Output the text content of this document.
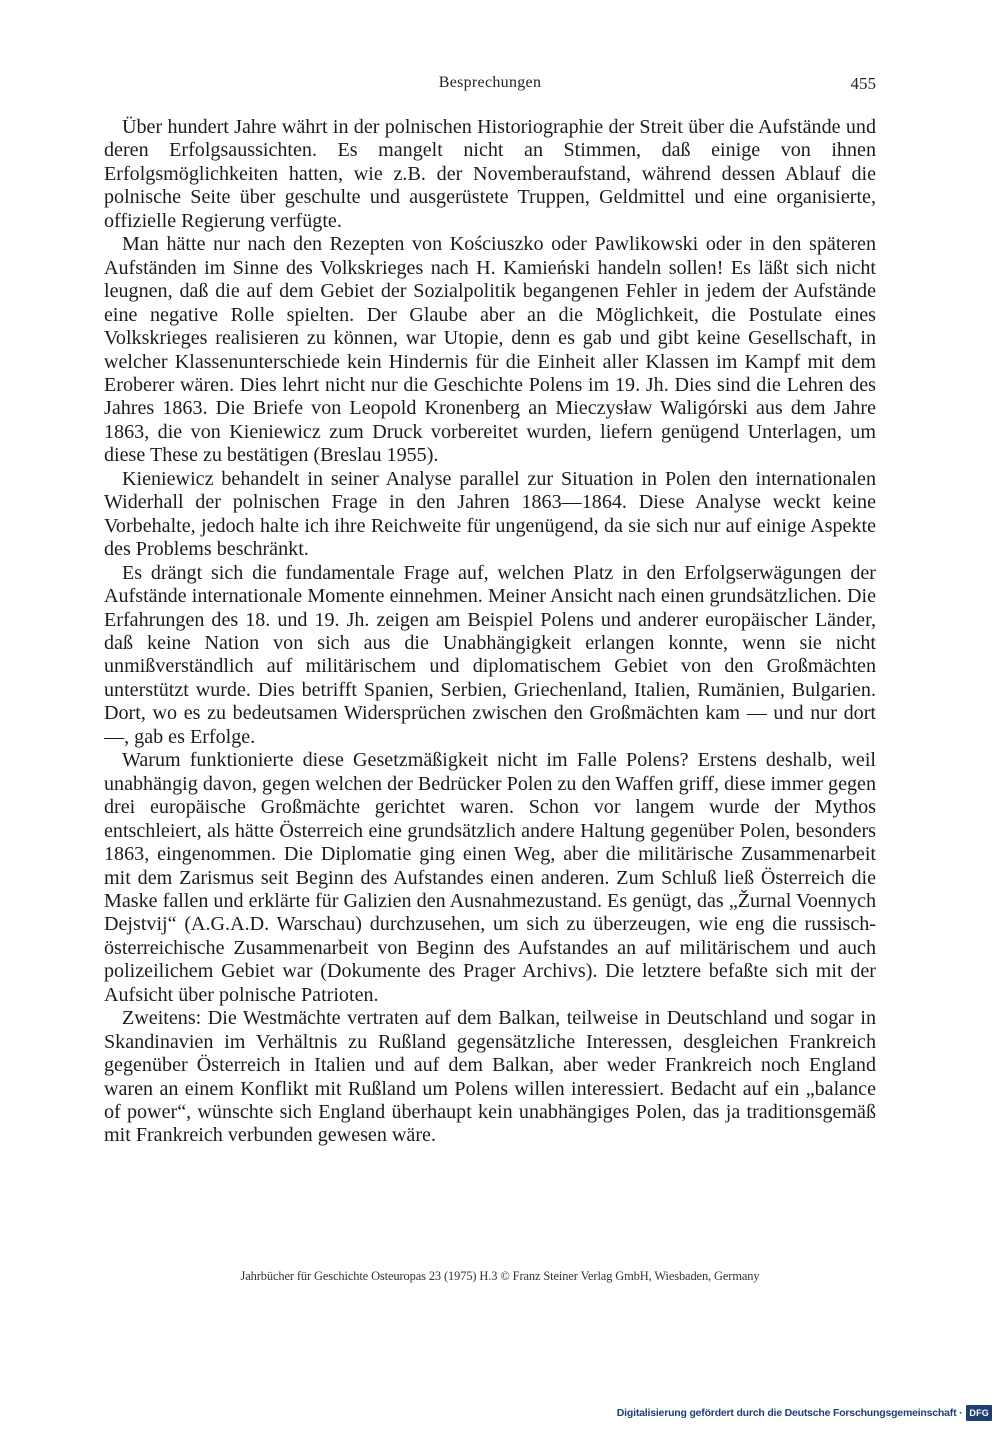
Besprechungen	455

Über hundert Jahre währt in der polnischen Historiographie der Streit über die Aufstände und deren Erfolgsaussichten. Es mangelt nicht an Stimmen, daß einige von ihnen Erfolgsmöglichkeiten hatten, wie z.B. der Novemberaufstand, während dessen Ablauf die polnische Seite über geschulte und ausgerüstete Truppen, Geldmittel und eine organisierte, offizielle Regierung verfügte.

Man hätte nur nach den Rezepten von Kościuszko oder Pawlikowski oder in den späteren Aufständen im Sinne des Volkskrieges nach H. Kamieński handeln sollen! Es läßt sich nicht leugnen, daß die auf dem Gebiet der Sozialpolitik begangenen Fehler in jedem der Aufstände eine negative Rolle spielten. Der Glaube aber an die Möglichkeit, die Postulate eines Volkskrieges realisieren zu können, war Utopie, denn es gab und gibt keine Gesellschaft, in welcher Klassenunterschiede kein Hindernis für die Einheit aller Klassen im Kampf mit dem Eroberer wären. Dies lehrt nicht nur die Geschichte Polens im 19. Jh. Dies sind die Lehren des Jahres 1863. Die Briefe von Leopold Kronenberg an Mieczysław Waligórski aus dem Jahre 1863, die von Kieniewicz zum Druck vorbereitet wurden, liefern genügend Unterlagen, um diese These zu bestätigen (Breslau 1955).

Kieniewicz behandelt in seiner Analyse parallel zur Situation in Polen den internationalen Widerhall der polnischen Frage in den Jahren 1863—1864. Diese Analyse weckt keine Vorbehalte, jedoch halte ich ihre Reichweite für ungenügend, da sie sich nur auf einige Aspekte des Problems beschränkt.

Es drängt sich die fundamentale Frage auf, welchen Platz in den Erfolgserwägungen der Aufstände internationale Momente einnehmen. Meiner Ansicht nach einen grundsätzlichen. Die Erfahrungen des 18. und 19. Jh. zeigen am Beispiel Polens und anderer europäischer Länder, daß keine Nation von sich aus die Unabhängigkeit erlangen konnte, wenn sie nicht unmißverständlich auf militärischem und diplomatischem Gebiet von den Großmächten unterstützt wurde. Dies betrifft Spanien, Serbien, Griechenland, Italien, Rumänien, Bulgarien. Dort, wo es zu bedeutsamen Widersprüchen zwischen den Großmächten kam — und nur dort —, gab es Erfolge.

Warum funktionierte diese Gesetzmäßigkeit nicht im Falle Polens? Erstens deshalb, weil unabhängig davon, gegen welchen der Bedrücker Polen zu den Waffen griff, diese immer gegen drei europäische Großmächte gerichtet waren. Schon vor langem wurde der Mythos entschleiert, als hätte Österreich eine grundsätzlich andere Haltung gegenüber Polen, besonders 1863, eingenommen. Die Diplomatie ging einen Weg, aber die militärische Zusammenarbeit mit dem Zarismus seit Beginn des Aufstandes einen anderen. Zum Schluß ließ Österreich die Maske fallen und erklärte für Galizien den Ausnahmezustand. Es genügt, das „Žurnal Voennych Dejstvij“ (A.G.A.D. Warschau) durchzusehen, um sich zu überzeugen, wie eng die russisch-österreichische Zusammenarbeit von Beginn des Aufstandes an auf militärischem und auch polizeilichem Gebiet war (Dokumente des Prager Archivs). Die letztere befaßte sich mit der Aufsicht über polnische Patrioten.

Zweitens: Die Westmächte vertraten auf dem Balkan, teilweise in Deutschland und sogar in Skandinavien im Verhältnis zu Rußland gegensätzliche Interessen, desgleichen Frankreich gegenüber Österreich in Italien und auf dem Balkan, aber weder Frankreich noch England waren an einem Konflikt mit Rußland um Polens willen interessiert. Bedacht auf ein „balance of power“, wünschte sich England überhaupt kein unabhängiges Polen, das ja traditionsgemäß mit Frankreich verbunden gewesen wäre.

Jahrbücher für Geschichte Osteuropas 23 (1975) H.3 © Franz Steiner Verlag GmbH, Wiesbaden, Germany
Digitalisierung gefördert durch die Deutsche Forschungsgemeinschaft · DFG
